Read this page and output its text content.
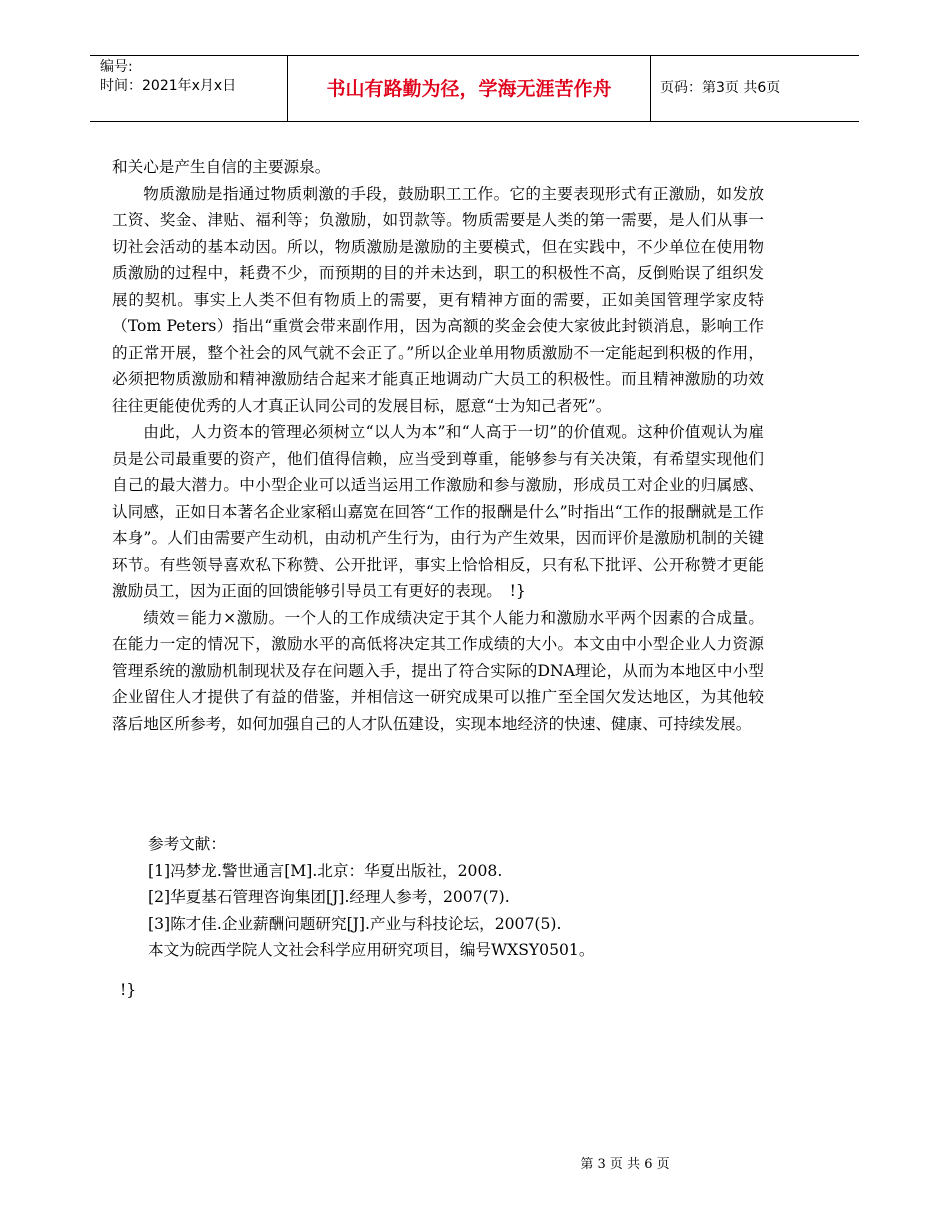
编号:
时间：2021年x月x日	书山有路勤为径，学海无涯苦作舟	页码：第3页 共6页

和关心是产生自信的主要源泉。

物质激励是指通过物质刺激的手段，鼓励职工工作。它的主要表现形式有正激励，如发放工资、奖金、津贴、福利等；负激励，如罚款等。物质需要是人类的第一需要，是人们从事一切社会活动的基本动因。所以，物质激励是激励的主要模式，但在实践中，不少单位在使用物质激励的过程中，耗费不少，而预期的目的并未达到，职工的积极性不高，反倒贻误了组织发展的契机。事实上人类不但有物质上的需要，更有精神方面的需要，正如美国管理学家皮特（Tom Peters）指出“重赏会带来副作用，因为高额的奖金会使大家彼此封锁消息，影响工作的正常开展，整个社会的风气就不会正了。”所以企业单用物质激励不一定能起到积极的作用，必须把物质激励和精神激励结合起来才能真正地调动广大员工的积极性。而且精神激励的功效往往更能使优秀的人才真正认同公司的发展目标，愿意“士为知己者死”。

由此，人力资本的管理必须树立“以人为本”和“人高于一切”的价值观。这种价值观认为雇员是公司最重要的资产，他们值得信赖，应当受到尊重，能够参与有关决策，有希望实现他们自己的最大潜力。中小型企业可以适当运用工作激励和参与激励，形成员工对企业的归属感、认同感，正如日本著名企业家稻山嘉宽在回答“工作的报酬是什么”时指出“工作的报酬就是工作本身”。人们由需要产生动机，由动机产生行为，由行为产生效果，因而评价是激励机制的关键环节。有些领导喜欢私下称赞、公开批评，事实上恰恰相反，只有私下批评、公开称赞才更能激励员工，因为正面的回馈能够引导员工有更好的表现。　!}

绩效＝能力×激励。一个人的工作成绩决定于其个人能力和激励水平两个因素的合成量。在能力一定的情况下，激励水平的高低将决定其工作成绩的大小。本文由中小型企业人力资源管理系统的激励机制现状及存在问题入手，提出了符合实际的DNA理论，从而为本地区中小型企业留住人才提供了有益的借鉴，并相信这一研究成果可以推广至全国欠发达地区，为其他较落后地区所参考，如何加强自己的人才队伍建设，实现本地经济的快速、健康、可持续发展。

参考文献：
[1]冯梦龙.警世通言[M].北京：华夏出版社，2008.
[2]华夏基石管理咨询集团[J].经理人参考，2007(7).
[3]陈才佳.企业薪酬问题研究[J].产业与科技论坛，2007(5).
本文为皖西学院人文社会科学应用研究项目，编号WXSY0501。
!}
第 3 页 共 6 页
